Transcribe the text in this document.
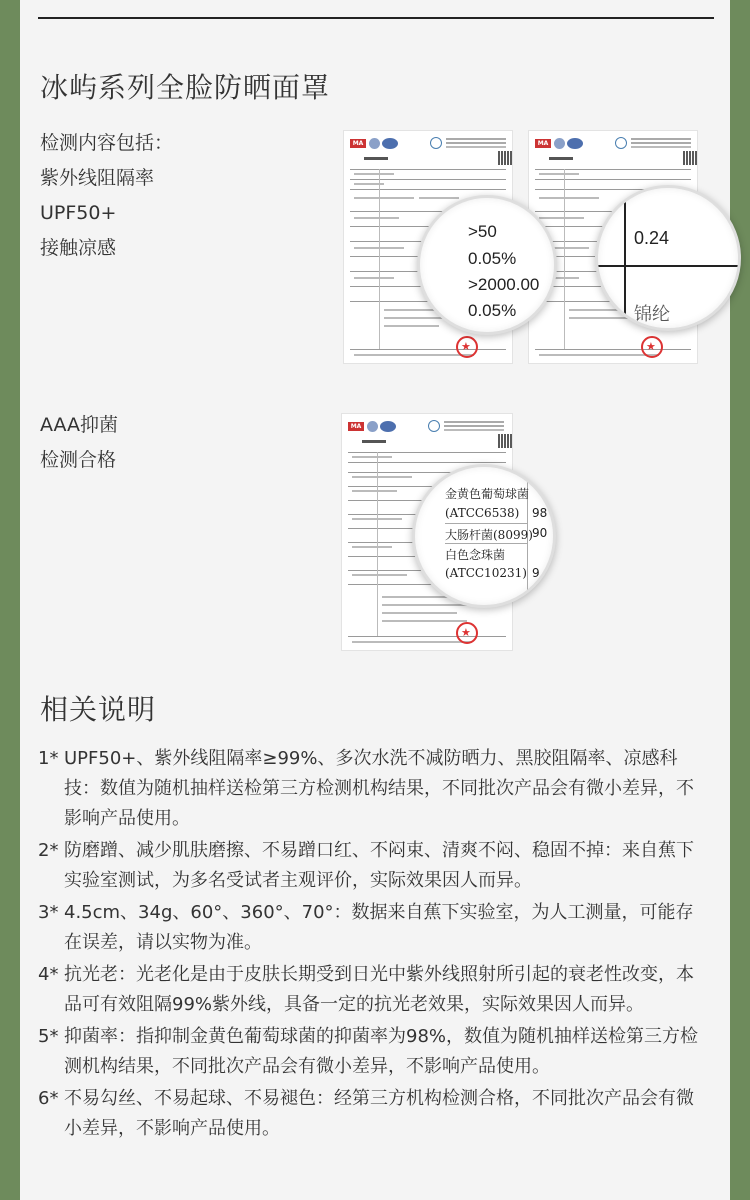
冰屿系列全脸防晒面罩
检测内容包括：
紫外线阻隔率
UPF50+
接触凉感
MA
★	MA
★
MA
★
>50
0.05%
>2000.00
0.05%
0.24
锦纶
金黄色葡萄球菌
(ATCC6538) 98
大肠杆菌(8099) 90
白色念珠菌
(ATCC10231) 9
AAA抑菌
检测合格
相关说明
1* UPF50+、紫外线阻隔率≥99%、多次水洗不减防晒力、黑胶阻隔率、凉感科技：数值为随机抽样送检第三方检测机构结果，不同批次产品会有微小差异，不影响产品使用。
2* 防磨蹭、减少肌肤磨擦、不易蹭口红、不闷束、清爽不闷、稳固不掉：来自蕉下实验室测试，为多名受试者主观评价，实际效果因人而异。
3* 4.5cm、34g、60°、360°、70°：数据来自蕉下实验室，为人工测量，可能存在误差，请以实物为准。
4* 抗光老：光老化是由于皮肤长期受到日光中紫外线照射所引起的衰老性改变，本品可有效阻隔99%紫外线，具备一定的抗光老效果，实际效果因人而异。
5* 抑菌率：指抑制金黄色葡萄球菌的抑菌率为98%，数值为随机抽样送检第三方检测机构结果，不同批次产品会有微小差异，不影响产品使用。
6* 不易勾丝、不易起球、不易褪色：经第三方机构检测合格，不同批次产品会有微小差异，不影响产品使用。
